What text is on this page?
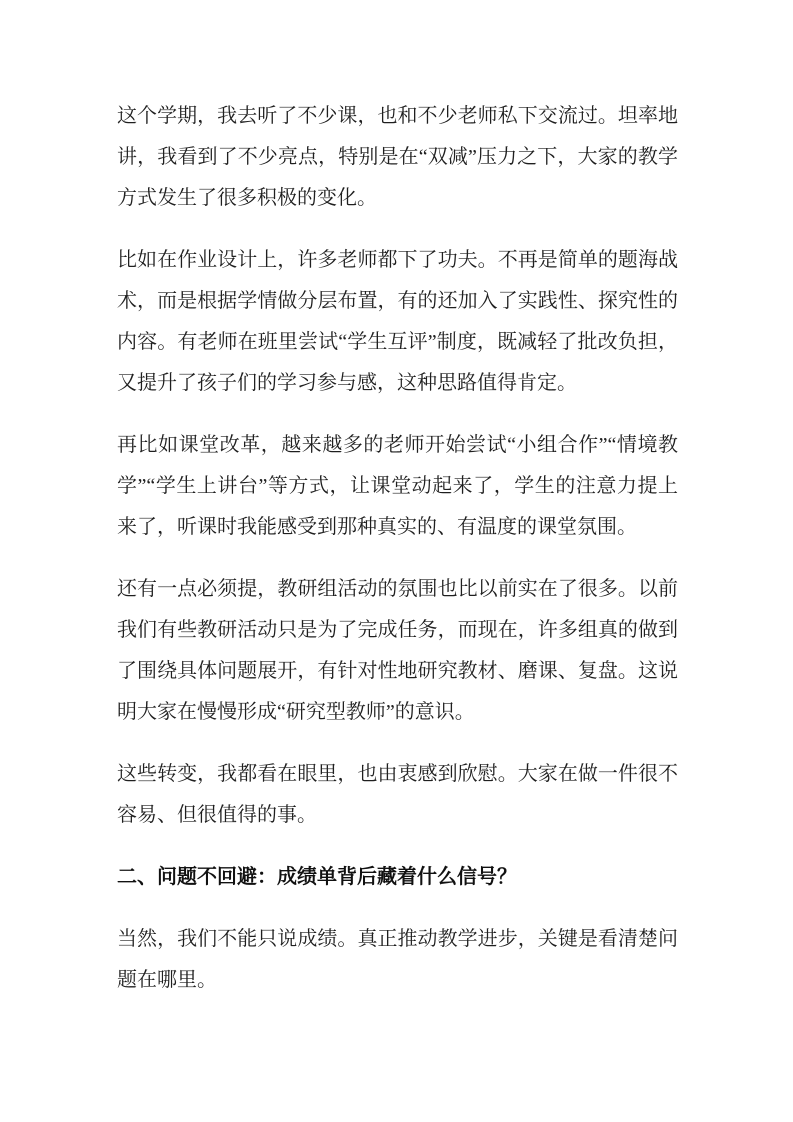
这个学期，我去听了不少课，也和不少老师私下交流过。坦率地讲，我看到了不少亮点，特别是在“双减”压力之下，大家的教学方式发生了很多积极的变化。

比如在作业设计上，许多老师都下了功夫。不再是简单的题海战术，而是根据学情做分层布置，有的还加入了实践性、探究性的内容。有老师在班里尝试“学生互评”制度，既减轻了批改负担，又提升了孩子们的学习参与感，这种思路值得肯定。

再比如课堂改革，越来越多的老师开始尝试“小组合作”“情境教学”“学生上讲台”等方式，让课堂动起来了，学生的注意力提上来了，听课时我能感受到那种真实的、有温度的课堂氛围。

还有一点必须提，教研组活动的氛围也比以前实在了很多。以前我们有些教研活动只是为了完成任务，而现在，许多组真的做到了围绕具体问题展开，有针对性地研究教材、磨课、复盘。这说明大家在慢慢形成“研究型教师”的意识。

这些转变，我都看在眼里，也由衷感到欣慰。大家在做一件很不容易、但很值得的事。

二、问题不回避：成绩单背后藏着什么信号？

当然，我们不能只说成绩。真正推动教学进步，关键是看清楚问题在哪里。
